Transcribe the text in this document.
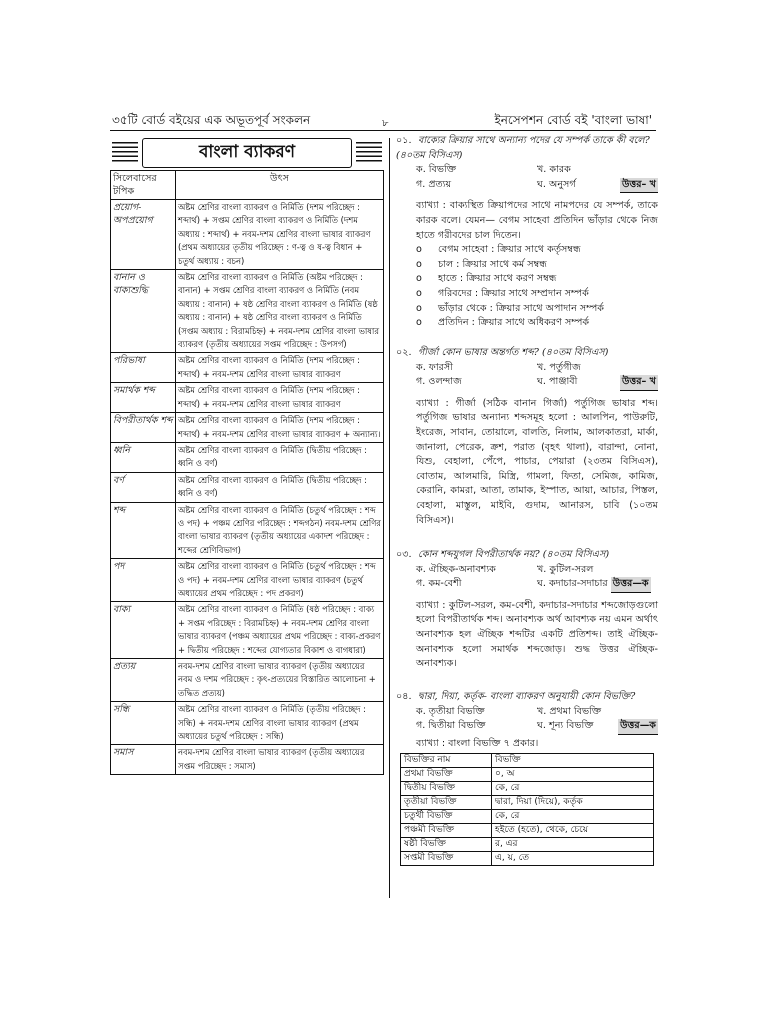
৩৫টি বোর্ড বইয়ের এক অভূতপূর্ব সংকলন	৮	ইনসেপশন বোর্ড বই 'বাংলা ভাষা'
বাংলা ব্যাকরণ
সিলেবাসের টপিক	উৎস
প্রয়োগ-অপপ্রয়োগ	অষ্টম শ্রেণির বাংলা ব্যাকরণ ও নির্মিতি (দশম পরিচ্ছেদ : শব্দার্থ) + সপ্তম শ্রেণির বাংলা ব্যাকরণ ও নির্মিতি (দশম অধ্যায় : শব্দার্থ) + নবম-দশম শ্রেণির বাংলা ভাষার ব্যাকরণ (প্রথম অধ্যায়ের তৃতীয় পরিচ্ছেদ : ণ-ত্ব ও ষ-ত্ব বিধান + চতুর্থ অধ্যায় : বচন)
বানান ও বাক্যশুদ্ধি	অষ্টম শ্রেণির বাংলা ব্যাকরণ ও নির্মিতি (অষ্টম পরিচ্ছেদ : বানান) + সপ্তম শ্রেণির বাংলা ব্যাকরণ ও নির্মিতি (নবম অধ্যায় : বানান) + ষষ্ঠ শ্রেণির বাংলা ব্যাকরণ ও নির্মিতি (ষষ্ঠ অধ্যায় : বানান) + ষষ্ঠ শ্রেণির বাংলা ব্যাকরণ ও নির্মিতি (সপ্তম অধ্যায় : বিরামচিহ্ন) + নবম-দশম শ্রেণির বাংলা ভাষার ব্যাকরণ (তৃতীয় অধ্যায়ের সপ্তম পরিচ্ছেদ : উপসর্গ)
পরিভাষা	অষ্টম শ্রেণির বাংলা ব্যাকরণ ও নির্মিতি (দশম পরিচ্ছেদ : শব্দার্থ) + নবম-দশম শ্রেণির বাংলা ভাষার ব্যাকরণ
সমার্থক শব্দ	অষ্টম শ্রেণির বাংলা ব্যাকরণ ও নির্মিতি (দশম পরিচ্ছেদ : শব্দার্থ) + নবম-দশম শ্রেণির বাংলা ভাষার ব্যাকরণ
বিপরীতার্থক শব্দ	অষ্টম শ্রেণির বাংলা ব্যাকরণ ও নির্মিতি (দশম পরিচ্ছেদ : শব্দার্থ) + নবম-দশম শ্রেণির বাংলা ভাষার ব্যাকরণ + অন্যান্য।
ধ্বনি	অষ্টম শ্রেণির বাংলা ব্যাকরণ ও নির্মিতি (দ্বিতীয় পরিচ্ছেদ : ধ্বনি ও বর্ণ)
বর্ণ	অষ্টম শ্রেণির বাংলা ব্যাকরণ ও নির্মিতি (দ্বিতীয় পরিচ্ছেদ : ধ্বনি ও বর্ণ)
শব্দ	অষ্টম শ্রেণির বাংলা ব্যাকরণ ও নির্মিতি (চতুর্থ পরিচ্ছেদ : শব্দ ও পদ) + পঞ্চম শ্রেণির পরিচ্ছেদ : শব্দগঠন) নবম-দশম শ্রেণির বাংলা ভাষার ব্যাকরণ (তৃতীয় অধ্যায়ের একাদশ পরিচ্ছেদ : শব্দের শ্রেণিবিভাগ)
পদ	অষ্টম শ্রেণির বাংলা ব্যাকরণ ও নির্মিতি (চতুর্থ পরিচ্ছেদ : শব্দ ও পদ) + নবম-দশম শ্রেণির বাংলা ভাষার ব্যাকরণ (চতুর্থ অধ্যায়ের প্রথম পরিচ্ছেদ : পদ প্রকরণ)
বাক্য	অষ্টম শ্রেণির বাংলা ব্যাকরণ ও নির্মিতি (ষষ্ঠ পরিচ্ছেদ : বাক্য + সপ্তম পরিচ্ছেদ : বিরামচিহ্ন) + নবম-দশম শ্রেণির বাংলা ভাষার ব্যাকরণ (পঞ্চম অধ্যায়ের প্রথম পরিচ্ছেদ : বাক্য-প্রকরণ + দ্বিতীয় পরিচ্ছেদ : শব্দের যোগ্যতার বিকাশ ও বাগধারা)
প্রত্যয়	নবম-দশম শ্রেণির বাংলা ভাষার ব্যাকরণ (তৃতীয় অধ্যায়ের নবম ও দশম পরিচ্ছেদ : কৃৎ-প্রত্যয়ের বিস্তারিত আলোচনা + তদ্ধিত প্রত্যয়)
সন্ধি	অষ্টম শ্রেণির বাংলা ব্যাকরণ ও নির্মিতি (তৃতীয় পরিচ্ছেদ : সন্ধি) + নবম-দশম শ্রেণির বাংলা ভাষার ব্যাকরণ (প্রথম অধ্যায়ের চতুর্থ পরিচ্ছেদ : সন্ধি)
সমাস	নবম-দশম শ্রেণির বাংলা ভাষার ব্যাকরণ (তৃতীয় অধ্যায়ের সপ্তম পরিচ্ছেদ : সমাস)
০১. বাক্যের ক্রিয়ার সাথে অন্যান্য পদের যে সম্পর্ক তাকে কী বলে? (৪০তম বিসিএস)
ক. বিভক্তি	খ. কারক
গ. প্রত্যয়	ঘ. অনুসর্গ	উত্তর– খ
ব্যাখ্যা : বাক্যস্থিত ক্রিয়াপদের সাথে নামপদের যে সম্পর্ক, তাকে কারক বলে। যেমন— বেগম সাহেবা প্রতিদিন ভাঁড়ার থেকে নিজ হাতে গরীবদের চাল দিতেন।
o বেগম সাহেবা : ক্রিয়ার সাথে কর্তৃসম্বন্ধ
o চাল : ক্রিয়ার সাথে কর্ম সম্বন্ধ
o হাতে : ক্রিয়ার সাথে করণ সম্বন্ধ
o গরিবদের : ক্রিয়ার সাথে সম্প্রদান সম্পর্ক
o ভাঁড়ার থেকে : ক্রিয়ার সাথে অপাদান সম্পর্ক
o প্রতিদিন : ক্রিয়ার সাথে অধিকরণ সম্পর্ক
০২. গীর্জা কোন ভাষার অন্তর্গত শব্দ? (৪০তম বিসিএস)
ক. ফারসী	খ. পর্তুগীজ
গ. ওলন্দাজ	ঘ. পাঞ্জাবী	উত্তর– খ
ব্যাখ্যা : গীর্জা (সঠিক বানান গির্জা) পর্তুগিজ ভাষার শব্দ। পর্তুগিজ ভাষার অন্যান্য শব্দসমূহ হলো : আলপিন, পাউরুটি, ইংরেজ, সাবান, তোয়ালে, বালতি, নিলাম, আলকাতরা, মার্কা, জানালা, পেরেক, ক্রশ, পরাত (বৃহৎ থালা), বারান্দা, নোনা, যিশু, বেহালা, পেঁপে, পাচার, পেয়ারা (২৩তম বিসিএস), বোতাম, আলমারি, মিস্ত্রি, গামলা, ফিতা, সেমিজ, কামিজ, কেরানি, কামরা, আতা, তামাক, ইস্পাত, আয়া, আচার, পিস্তল, বেহালা, মাস্তুল, মাইবি, গুদাম, আনারস, চাবি (১০তম বিসিএস)।
০৩. কোন শব্দযুগল বিপরীতার্থক নয়? (৪০তম বিসিএস)
ক. ঐচ্ছিক-অনাবশ্যক	খ. কুটিল-সরল
গ. কম-বেশী	ঘ. কদাচার-সদাচার উত্তর—ক
ব্যাখ্যা : কুটিল-সরল, কম-বেশী, কদাচার-সদাচার শব্দজোড়গুলো হলো বিপরীতার্থক শব্দ। অনাবশ্যক অর্থ আবশ্যক নয় এমন অর্থাৎ অনাবশ্যক হল ঐচ্ছিক শব্দটির একটি প্রতিশব্দ। তাই ঐচ্ছিক-অনাবশ্যক হলো সমার্থক শব্দজোড়। শুদ্ধ উত্তর ঐচ্ছিক-অনাবশ্যক।
০৪. দ্বারা, দিয়া, কর্তৃক- বাংলা ব্যাকরণ অনুযায়ী কোন বিভক্তি?
ক. তৃতীয়া বিভক্তি	খ. প্রথমা বিভক্তি
গ. দ্বিতীয়া বিভক্তি	ঘ. শূন্য বিভক্তি	উত্তর—ক
ব্যাখ্যা : বাংলা বিভক্তি ৭ প্রকার।
বিভক্তির নাম	বিভক্তি
প্রথমা বিভক্তি	০, অ
দ্বিতীয় বিভক্তি	কে, রে
তৃতীয়া বিভক্তি	দ্বারা, দিয়া (দিয়ে), কর্তৃক
চতুর্থী বিভক্তি	কে, রে
পঞ্চমী বিভক্তি	হইতে (হতে), থেকে, চেয়ে
ষষ্ঠী বিভক্তি	র, এর
সপ্তমী বিভক্তি	এ, য়, তে
